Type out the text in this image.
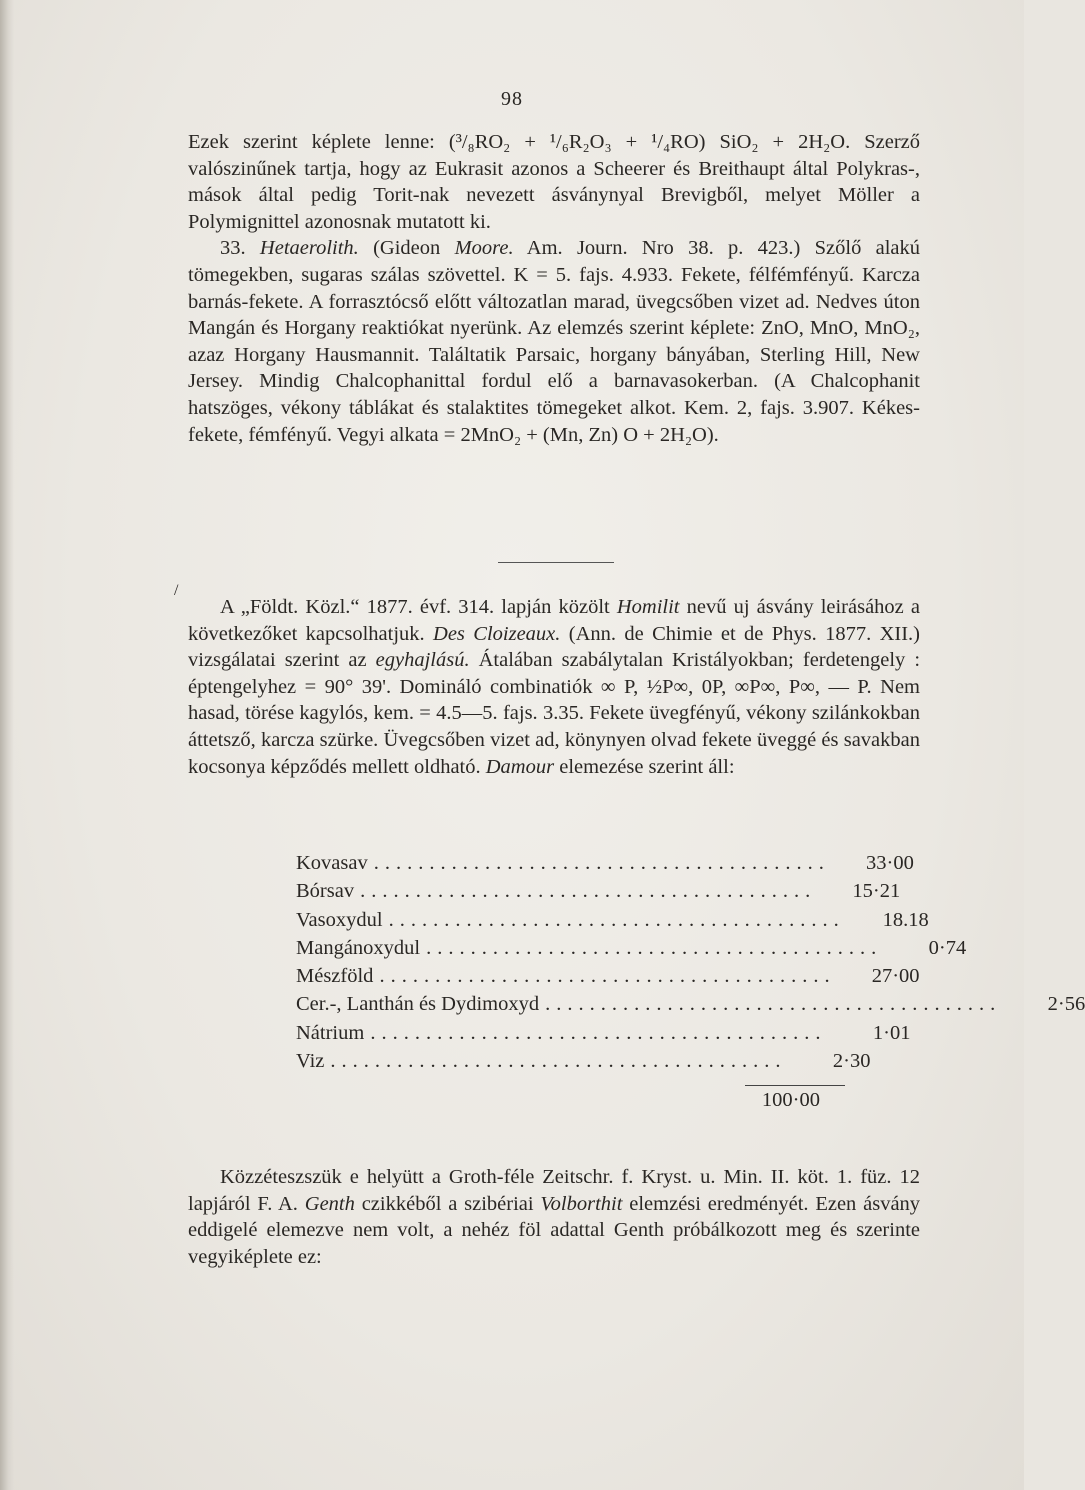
98

Ezek szerint képlete lenne: (³/₈RO₂ + ¹/₆R₂O₃ + ¹/₄RO) SiO₂ + 2H₂O. Szerző valószinűnek tartja, hogy az Eukrasit azonos a Scheerer és Breithaupt által Polykras-, mások által pedig Torit-nak nevezett ásványnyal Brevigből, melyet Möller a Polymignittel azonosnak mutatott ki.

33. Hetaerolith. (Gideon Moore. Am. Journ. Nro 38. p. 423.) Szőlő alakú tömegekben, sugaras szálas szövettel. K = 5. fajs. 4.933. Fekete, félfémfényű. Karcza barnás-fekete. A forrasztócső előtt változatlan marad, üvegcsőben vizet ad. Nedves úton Mangán és Horgany reaktiókat nyerünk. Az elemzés szerint képlete: ZnO, MnO, MnO₂, azaz Horgany Hausmannit. Találtatik Parsaic, horgany bányában, Sterling Hill, New Jersey. Mindig Chalcophanittal fordul elő a barnavasokerban. (A Chalcophanit hatszöges, vékony táblákat és stalaktites tömegeket alkot. Kem. 2, fajs. 3.907. Kékes-fekete, fémfényű. Vegyi alkata = 2MnO₂ + (Mn, Zn) O + 2H₂O).

/

A „Földt. Közl.“ 1877. évf. 314. lapján közölt Homilit nevű uj ásvány leirásához a következőket kapcsolhatjuk. Des Cloizeaux. (Ann. de Chimie et de Phys. 1877. XII.) vizsgálatai szerint az egyhajlású. Átalában szabálytalan Kristályokban; ferdetengely : éptengelyhez = 90° 39'. Domináló combinatiók ∞ P, ½P∞, 0P, ∞P∞, P∞, — P. Nem hasad, törése kagylós, kem. = 4.5—5. fajs. 3.35. Fekete üvegfényű, vékony szilánkokban áttetsző, karcza szürke. Üvegcsőben vizet ad, könynyen olvad fekete üveggé és savakban kocsonya képződés mellett oldható. Damour elemezése szerint áll:

Kovasav .........................................	33·00
Bórsav .........................................	15·21
Vasoxydul .........................................	18.18
Mangánoxydul .........................................	0·74
Mészföld .........................................	27·00
Cer.-, Lanthán és Dydimoxyd .........................................	2·56
Nátrium .........................................	1·01
Viz .........................................	2·30
100·00

Közzéteszszük e helyütt a Groth-féle Zeitschr. f. Kryst. u. Min. II. köt. 1. füz. 12 lapjáról F. A. Genth czikkéből a szibériai Volborthit elemzési eredményét. Ezen ásvány eddigelé elemezve nem volt, a nehéz föl adattal Genth próbálkozott meg és szerinte vegyiképlete ez:
